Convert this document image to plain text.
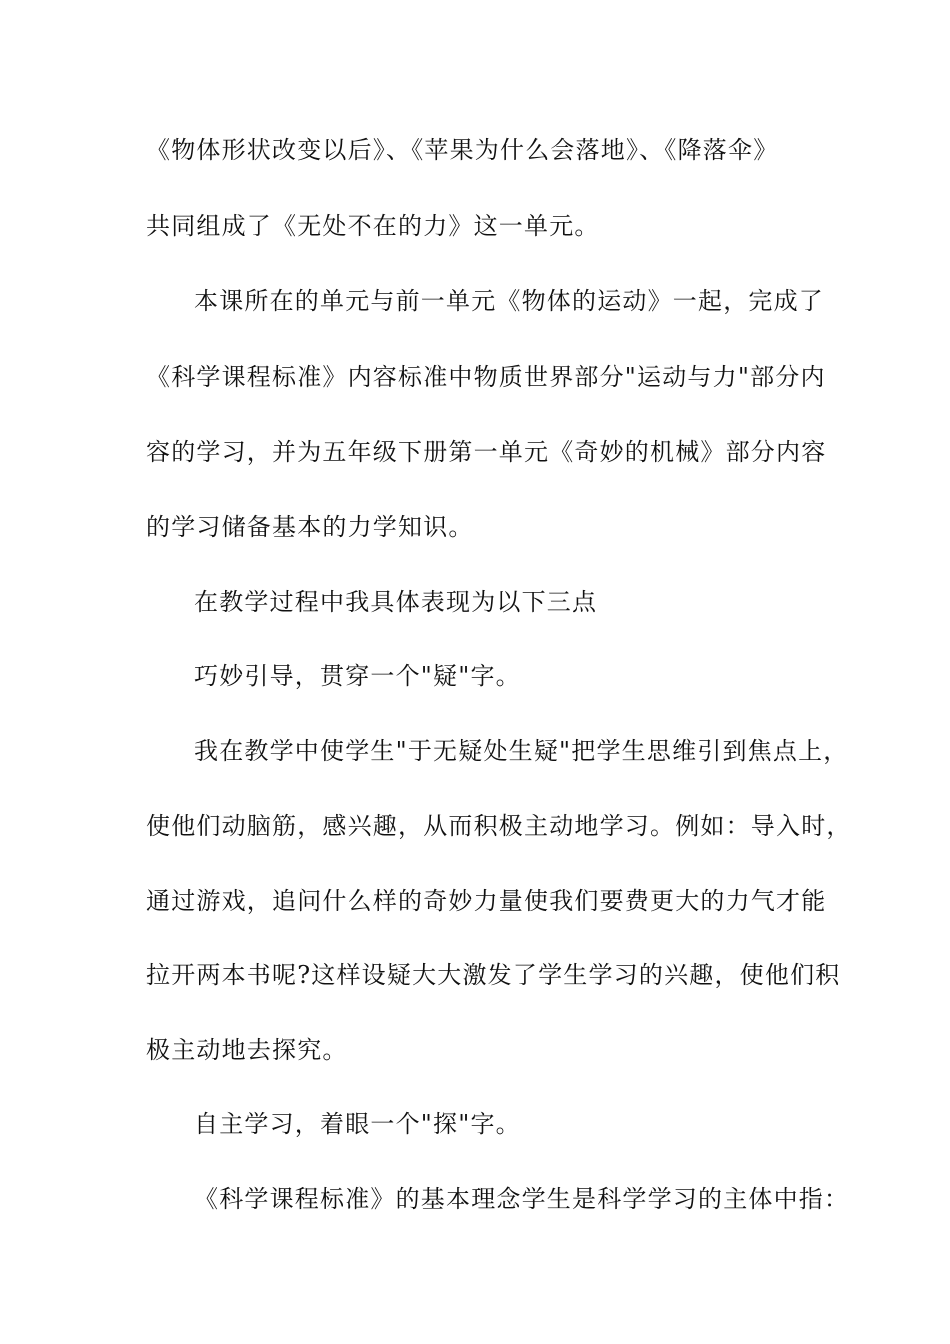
《物体形状改变以后》、《苹果为什么会落地》、《降落伞》
共同组成了《无处不在的力》这一单元。
本课所在的单元与前一单元《物体的运动》一起，完成了
《科学课程标准》内容标准中物质世界部分"运动与力"部分内
容的学习，并为五年级下册第一单元《奇妙的机械》部分内容
的学习储备基本的力学知识。
在教学过程中我具体表现为以下三点
巧妙引导，贯穿一个"疑"字。
我在教学中使学生"于无疑处生疑"把学生思维引到焦点上，
使他们动脑筋，感兴趣，从而积极主动地学习。例如：导入时，
通过游戏，追问什么样的奇妙力量使我们要费更大的力气才能
拉开两本书呢?这样设疑大大激发了学生学习的兴趣，使他们积
极主动地去探究。
自主学习，着眼一个"探"字。
《科学课程标准》的基本理念学生是科学学习的主体中指：
